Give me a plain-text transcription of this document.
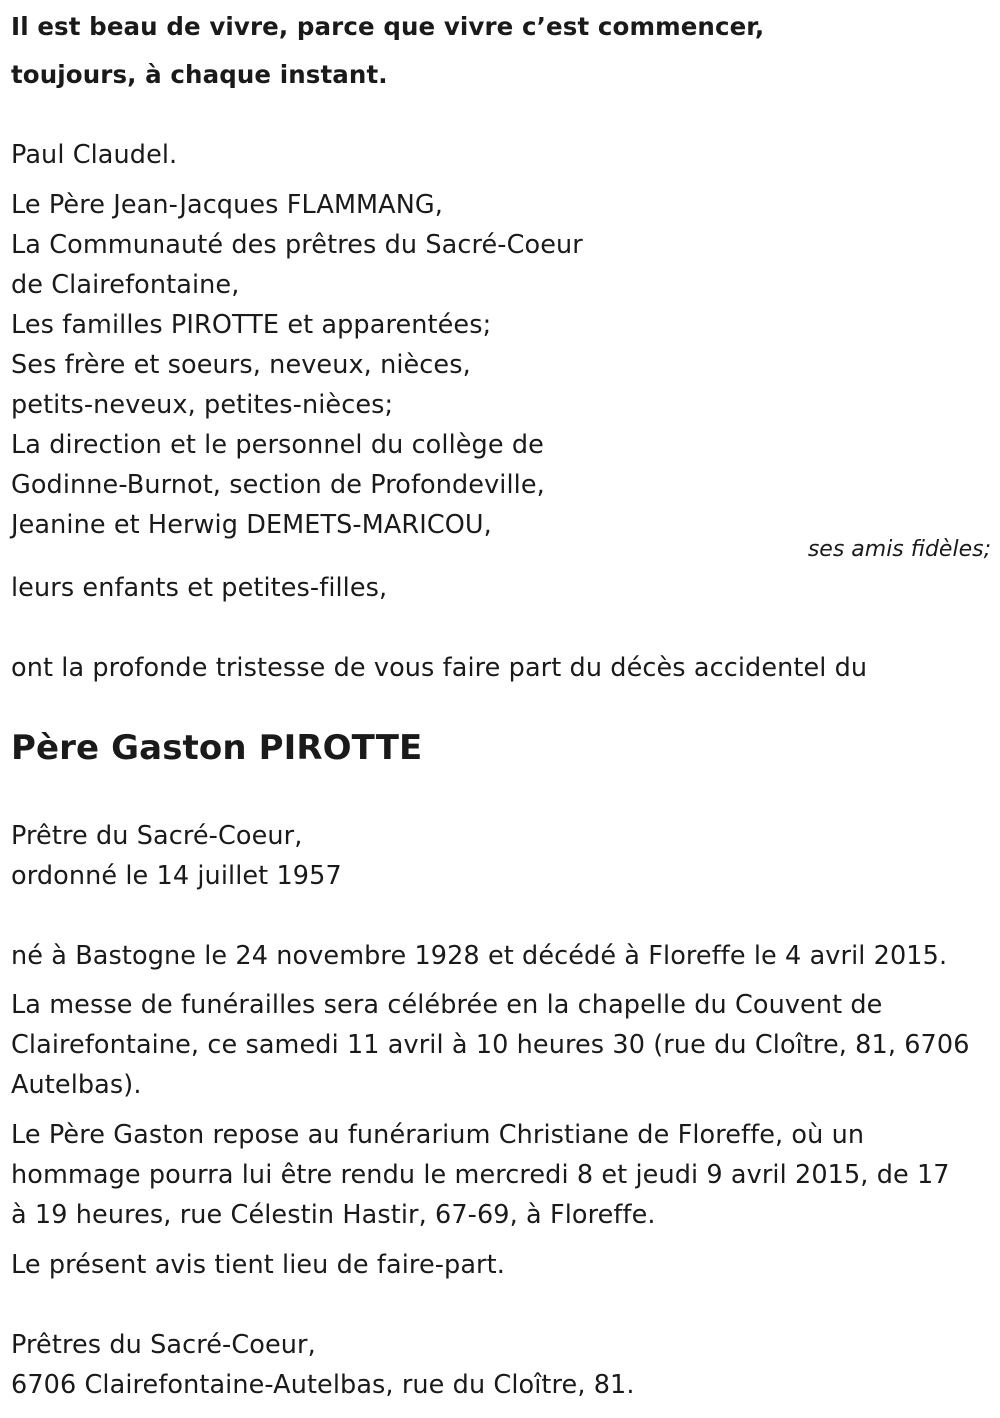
Il est beau de vivre, parce que vivre c’est commencer,
toujours, à chaque instant.
Paul Claudel.
Le Père Jean-Jacques FLAMMANG,
La Communauté des prêtres du Sacré-Coeur
de Clairefontaine,
Les familles PIROTTE et apparentées;
Ses frère et soeurs, neveux, nièces,
petits-neveux, petites-nièces;
La direction et le personnel du collège de
Godinne-Burnot, section de Profondeville,
Jeanine et Herwig DEMETS-MARICOU,
ses amis fidèles;
leurs enfants et petites-filles,
ont la profonde tristesse de vous faire part du décès accidentel du
Père Gaston PIROTTE
Prêtre du Sacré-Coeur,
ordonné le 14 juillet 1957
né à Bastogne le 24 novembre 1928 et décédé à Floreffe le 4 avril 2015.
La messe de funérailles sera célébrée en la chapelle du Couvent de
Clairefontaine, ce samedi 11 avril à 10 heures 30 (rue du Cloître, 81, 6706
Autelbas).
Le Père Gaston repose au funérarium Christiane de Floreffe, où un
hommage pourra lui être rendu le mercredi 8 et jeudi 9 avril 2015, de 17
à 19 heures, rue Célestin Hastir, 67-69, à Floreffe.
Le présent avis tient lieu de faire-part.
Prêtres du Sacré-Coeur,
6706 Clairefontaine-Autelbas, rue du Cloître, 81.
